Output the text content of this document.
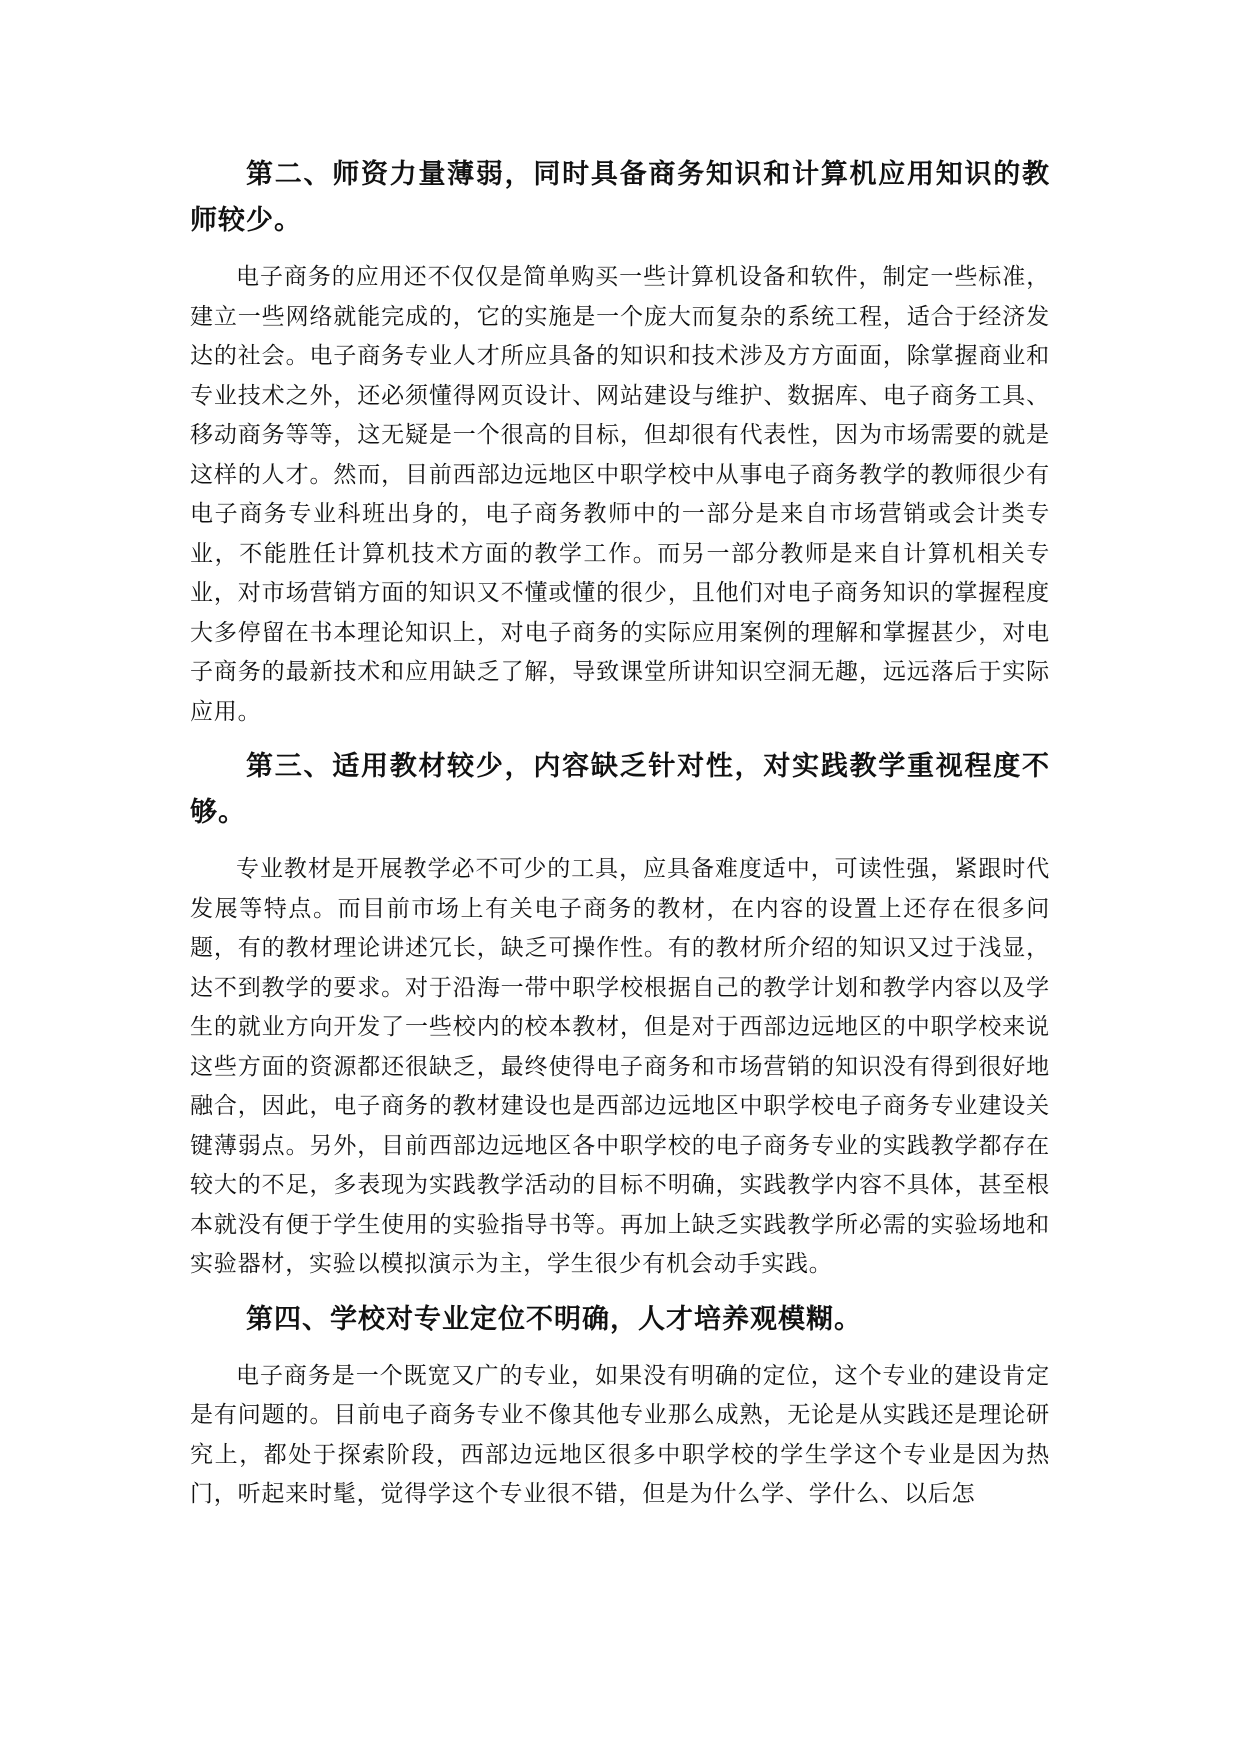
第二、师资力量薄弱，同时具备商务知识和计算机应用知识的教师较少。

电子商务的应用还不仅仅是简单购买一些计算机设备和软件，制定一些标准，建立一些网络就能完成的，它的实施是一个庞大而复杂的系统工程，适合于经济发达的社会。电子商务专业人才所应具备的知识和技术涉及方方面面，除掌握商业和专业技术之外，还必须懂得网页设计、网站建设与维护、数据库、电子商务工具、移动商务等等，这无疑是一个很高的目标，但却很有代表性，因为市场需要的就是这样的人才。然而，目前西部边远地区中职学校中从事电子商务教学的教师很少有电子商务专业科班出身的，电子商务教师中的一部分是来自市场营销或会计类专业，不能胜任计算机技术方面的教学工作。而另一部分教师是来自计算机相关专业，对市场营销方面的知识又不懂或懂的很少，且他们对电子商务知识的掌握程度大多停留在书本理论知识上，对电子商务的实际应用案例的理解和掌握甚少，对电子商务的最新技术和应用缺乏了解，导致课堂所讲知识空洞无趣，远远落后于实际应用。

第三、适用教材较少，内容缺乏针对性，对实践教学重视程度不够。

专业教材是开展教学必不可少的工具，应具备难度适中，可读性强，紧跟时代发展等特点。而目前市场上有关电子商务的教材，在内容的设置上还存在很多问题，有的教材理论讲述冗长，缺乏可操作性。有的教材所介绍的知识又过于浅显，达不到教学的要求。对于沿海一带中职学校根据自己的教学计划和教学内容以及学生的就业方向开发了一些校内的校本教材，但是对于西部边远地区的中职学校来说这些方面的资源都还很缺乏，最终使得电子商务和市场营销的知识没有得到很好地融合，因此，电子商务的教材建设也是西部边远地区中职学校电子商务专业建设关键薄弱点。另外，目前西部边远地区各中职学校的电子商务专业的实践教学都存在较大的不足，多表现为实践教学活动的目标不明确，实践教学内容不具体，甚至根本就没有便于学生使用的实验指导书等。再加上缺乏实践教学所必需的实验场地和实验器材，实验以模拟演示为主，学生很少有机会动手实践。

第四、学校对专业定位不明确，人才培养观模糊。

电子商务是一个既宽又广的专业，如果没有明确的定位，这个专业的建设肯定是有问题的。目前电子商务专业不像其他专业那么成熟，无论是从实践还是理论研究上，都处于探索阶段，西部边远地区很多中职学校的学生学这个专业是因为热门，听起来时髦，觉得学这个专业很不错，但是为什么学、学什么、以后怎
